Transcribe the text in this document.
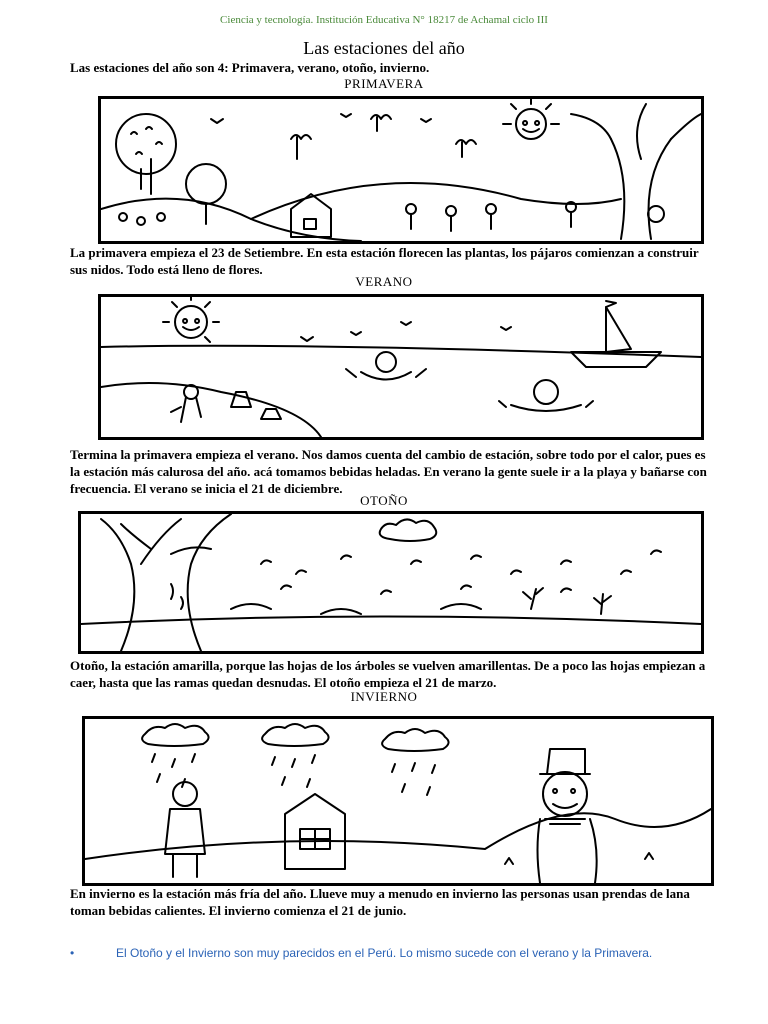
Ciencia y tecnología. Institución Educativa N° 18217 de Achamal ciclo III
Las estaciones del año
Las estaciones del año son 4: Primavera, verano, otoño, invierno.
PRIMAVERA
La primavera empieza el 23 de Setiembre. En esta estación florecen las plantas, los pájaros comienzan a construir sus nidos. Todo está lleno de flores.
VERANO
Termina la primavera empieza el verano. Nos damos cuenta del cambio de estación, sobre todo por el calor, pues es la estación más calurosa del año. acá tomamos bebidas heladas. En verano la gente suele ir a la playa y bañarse con frecuencia. El verano se inicia el 21 de diciembre.
OTOÑO
Otoño, la estación amarilla, porque las hojas de los árboles se vuelven amarillentas. De a poco las hojas empiezan a caer, hasta que las ramas quedan desnudas. El otoño empieza el 21 de marzo.
INVIERNO
En invierno es la estación más fría del año. Llueve muy a menudo en invierno las personas usan prendas de lana toman bebidas calientes. El invierno comienza el 21 de junio.
•	El Otoño y el Invierno son muy parecidos en el Perú. Lo mismo sucede con el verano y la Primavera.
